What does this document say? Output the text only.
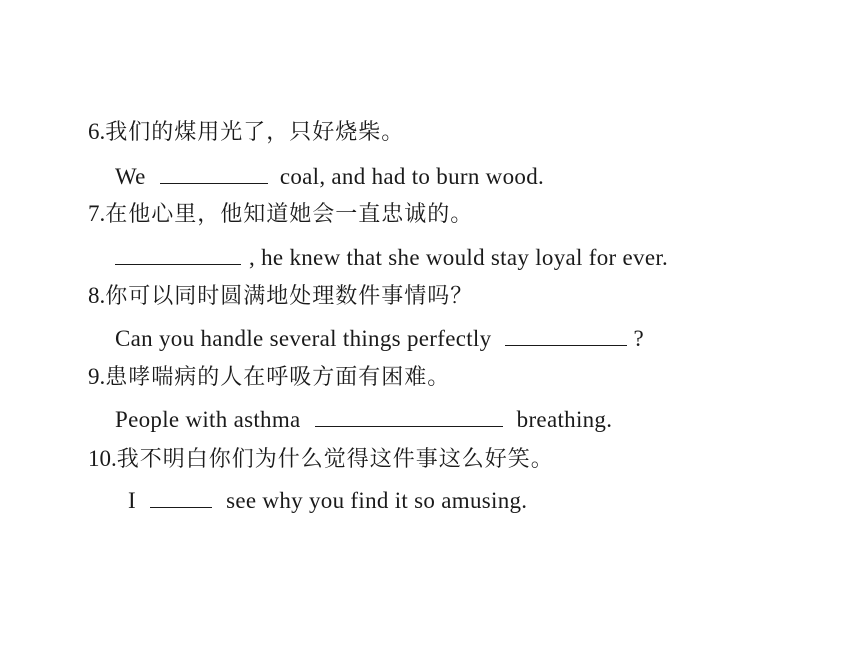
6.我们的煤用光了，只好烧柴。
We	coal, and had to burn wood.
7.在他心里，他知道她会一直忠诚的。
, he knew that she would stay loyal for ever.
8.你可以同时圆满地处理数件事情吗？
Can you handle several things perfectly	?
9.患哮喘病的人在呼吸方面有困难。
People with asthma	breathing.
10.我不明白你们为什么觉得这件事这么好笑。
I	see why you find it so amusing.
